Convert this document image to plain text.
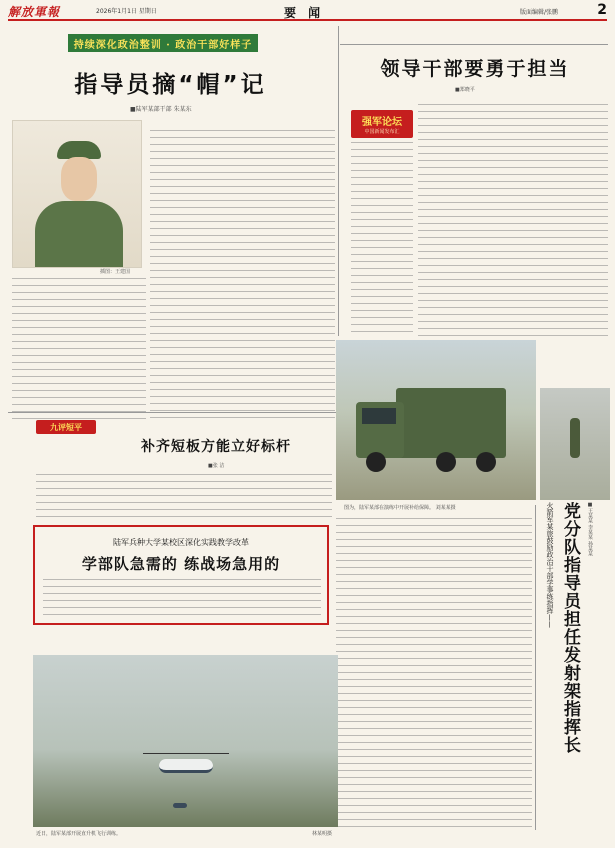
解放軍報	2026年1月1日 星期日	要 闻	版面编辑/张鹏	2
持续深化政治整训 · 政治干部好样子
指导员摘“帽”记
■陆军某部干部 朱某东
插图：王建国
九评短平
补齐短板方能立好标杆
■张 洁
领导干部要勇于担当
■郑晓平
强军论坛
中国新闻发布汇
图为，陆军某部在演练中开展补给保障。 刘某某摄
陆军兵种大学某校区深化实践教学改革
学部队急需的 练战场急用的
近日，陆军某部开展直升机飞行训练。	林某明摄
火箭军某旅鼓励政治干部学事练指挥—— 党分队指导员担任发射架指挥长	■王某某 李某某 孙某某
